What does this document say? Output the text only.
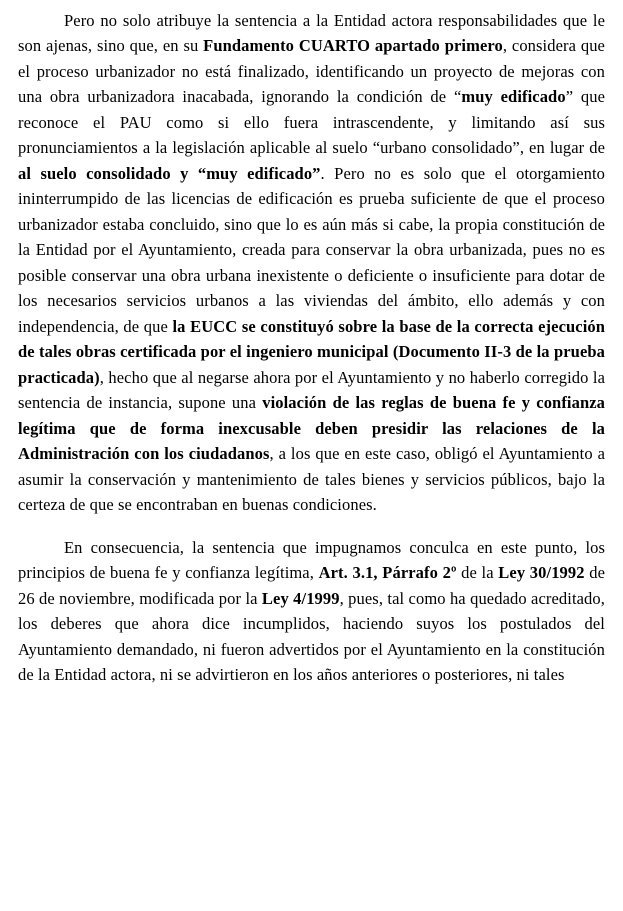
Pero no solo atribuye la sentencia a la Entidad actora responsabilidades que le son ajenas, sino que, en su Fundamento CUARTO apartado primero, considera que el proceso urbanizador no está finalizado, identificando un proyecto de mejoras con una obra urbanizadora inacabada, ignorando la condición de “muy edificado” que reconoce el PAU como si ello fuera intrascendente, y limitando así sus pronunciamientos a la legislación aplicable al suelo “urbano consolidado”, en lugar de al suelo consolidado y “muy edificado”. Pero no es solo que el otorgamiento ininterrumpido de las licencias de edificación es prueba suficiente de que el proceso urbanizador estaba concluido, sino que lo es aún más si cabe, la propia constitución de la Entidad por el Ayuntamiento, creada para conservar la obra urbanizada, pues no es posible conservar una obra urbana inexistente o deficiente o insuficiente para dotar de los necesarios servicios urbanos a las viviendas del ámbito, ello además y con independencia, de que la EUCC se constituyó sobre la base de la correcta ejecución de tales obras certificada por el ingeniero municipal (Documento II-3 de la prueba practicada), hecho que al negarse ahora por el Ayuntamiento y no haberlo corregido la sentencia de instancia, supone una violación de las reglas de buena fe y confianza legítima que de forma inexcusable deben presidir las relaciones de la Administración con los ciudadanos, a los que en este caso, obligó el Ayuntamiento a asumir la conservación y mantenimiento de tales bienes y servicios públicos, bajo la certeza de que se encontraban en buenas condiciones.

En consecuencia, la sentencia que impugnamos conculca en este punto, los principios de buena fe y confianza legítima, Art. 3.1, Párrafo 2º de la Ley 30/1992 de 26 de noviembre, modificada por la Ley 4/1999, pues, tal como ha quedado acreditado, los deberes que ahora dice incumplidos, haciendo suyos los postulados del Ayuntamiento demandado, ni fueron advertidos por el Ayuntamiento en la constitución de la Entidad actora, ni se advirtieron en los años anteriores o posteriores, ni tales
